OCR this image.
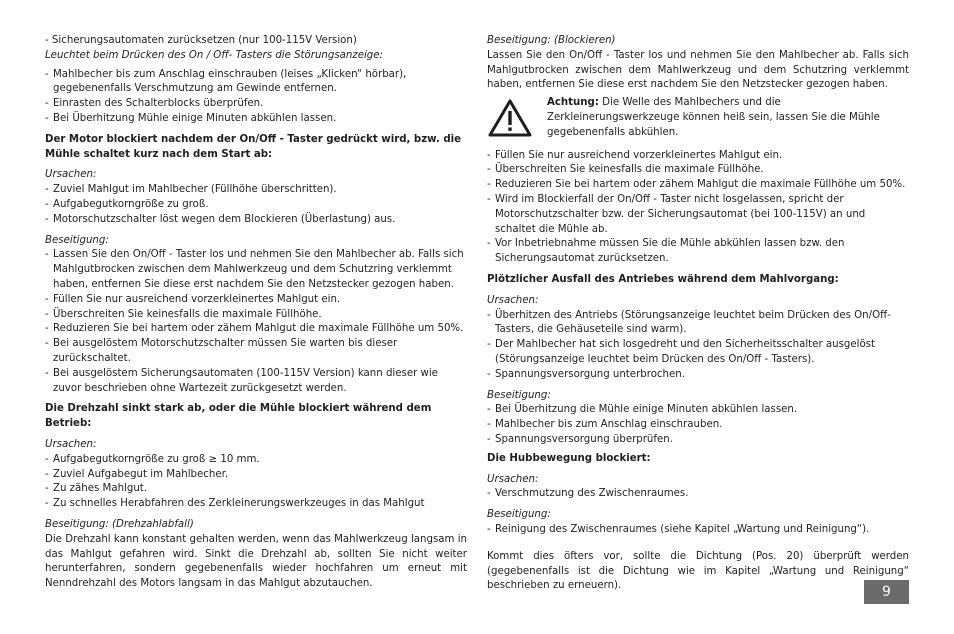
- Sicherungsautomaten zurücksetzen (nur 100-115V Version)

Leuchtet beim Drücken des On / Off- Tasters die Störungsanzeige:

- Mahlbecher bis zum Anschlag einschrauben (leises „Klicken“ hörbar), gegebenenfalls Verschmutzung am Gewinde entfernen.
- Einrasten des Schalterblocks überprüfen.
- Bei Überhitzung Mühle einige Minuten abkühlen lassen.

Der Motor blockiert nachdem der On/Off - Taster gedrückt wird, bzw. die Mühle schaltet kurz nach dem Start ab:

Ursachen:

- Zuviel Mahlgut im Mahlbecher (Füllhöhe überschritten).
- Aufgabegutkorngröße zu groß.
- Motorschutzschalter löst wegen dem Blockieren (Überlastung) aus.

Beseitigung:

- Lassen Sie den On/Off - Taster los und nehmen Sie den Mahlbecher ab. Falls sich Mahlgutbrocken zwischen dem Mahlwerkzeug und dem Schutzring verklemmt haben, entfernen Sie diese erst nachdem Sie den Netzstecker gezogen haben.
- Füllen Sie nur ausreichend vorzerkleinertes Mahlgut ein.
- Überschreiten Sie keinesfalls die maximale Füllhöhe.
- Reduzieren Sie bei hartem oder zähem Mahlgut die maximale Füllhöhe um 50%.
- Bei ausgelöstem Motorschutzschalter müssen Sie warten bis dieser zurückschaltet.
- Bei ausgelöstem Sicherungsautomaten (100-115V Version) kann dieser wie zuvor beschrieben ohne Wartezeit zurückgesetzt werden.

Die Drehzahl sinkt stark ab, oder die Mühle blockiert während dem Betrieb:

Ursachen:

- Aufgabegutkorngröße zu groß ≥ 10 mm.
- Zuviel Aufgabegut im Mahlbecher.
- Zu zähes Mahlgut.
- Zu schnelles Herabfahren des Zerkleinerungswerkzeuges in das Mahlgut

Beseitigung: (Drehzahlabfall)

Die Drehzahl kann konstant gehalten werden, wenn das Mahlwerkzeug langsam in das Mahlgut gefahren wird. Sinkt die Drehzahl ab, sollten Sie nicht weiter herunterfahren, sondern gegebenenfalls wieder hochfahren um erneut mit Nenndrehzahl des Motors langsam in das Mahlgut abzutauchen.

Beseitigung: (Blockieren)

Lassen Sie den On/Off - Taster los und nehmen Sie den Mahlbecher ab. Falls sich Mahlgutbrocken zwischen dem Mahlwerkzeug und dem Schutzring verklemmt haben, entfernen Sie diese erst nachdem Sie den Netzstecker gezogen haben.

Achtung: Die Welle des Mahlbechers und die Zerkleinerungswerkzeuge können heiß sein, lassen Sie die Mühle gegebenenfalls abkühlen.

- Füllen Sie nur ausreichend vorzerkleinertes Mahlgut ein.
- Überschreiten Sie keinesfalls die maximale Füllhöhe.
- Reduzieren Sie bei hartem oder zähem Mahlgut die maximale Füllhöhe um 50%.
- Wird im Blockierfall der On/Off - Taster nicht losgelassen, spricht der Motorschutzschalter bzw. der Sicherungsautomat (bei 100-115V) an und schaltet die Mühle ab.
- Vor Inbetriebnahme müssen Sie die Mühle abkühlen lassen bzw. den Sicherungsautomat zurücksetzen.

Plötzlicher Ausfall des Antriebes während dem Mahlvorgang:

Ursachen:

- Überhitzen des Antriebs (Störungsanzeige leuchtet beim Drücken des On/Off- Tasters, die Gehäuseteile sind warm).
- Der Mahlbecher hat sich losgedreht und den Sicherheitsschalter ausgelöst (Störungsanzeige leuchtet beim Drücken des On/Off - Tasters).
- Spannungsversorgung unterbrochen.

Beseitigung:

- Bei Überhitzung die Mühle einige Minuten abkühlen lassen.
- Mahlbecher bis zum Anschlag einschrauben.
- Spannungsversorgung überprüfen.

Die Hubbewegung blockiert:

Ursachen:

- Verschmutzung des Zwischenraumes.

Beseitigung:

- Reinigung des Zwischenraumes (siehe Kapitel „Wartung und Reinigung“).

Kommt dies öfters vor, sollte die Dichtung (Pos. 20) überprüft werden (gegebenenfalls ist die Dichtung wie im Kapitel „Wartung und Reinigung“ beschrieben zu erneuern).	9
